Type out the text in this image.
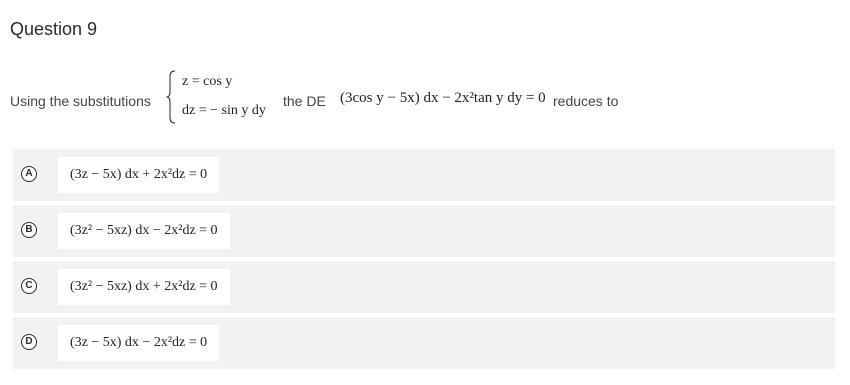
Question 9
Using the substitutions
z = cos y
dz = − sin y dy
the DE (3cos y − 5x) dx − 2x²tan y dy = 0 reduces to
A	(3z − 5x) dx + 2x²dz = 0
B	(3z² − 5xz) dx − 2x²dz = 0
C	(3z² − 5xz) dx + 2x²dz = 0
D	(3z − 5x) dx − 2x²dz = 0
